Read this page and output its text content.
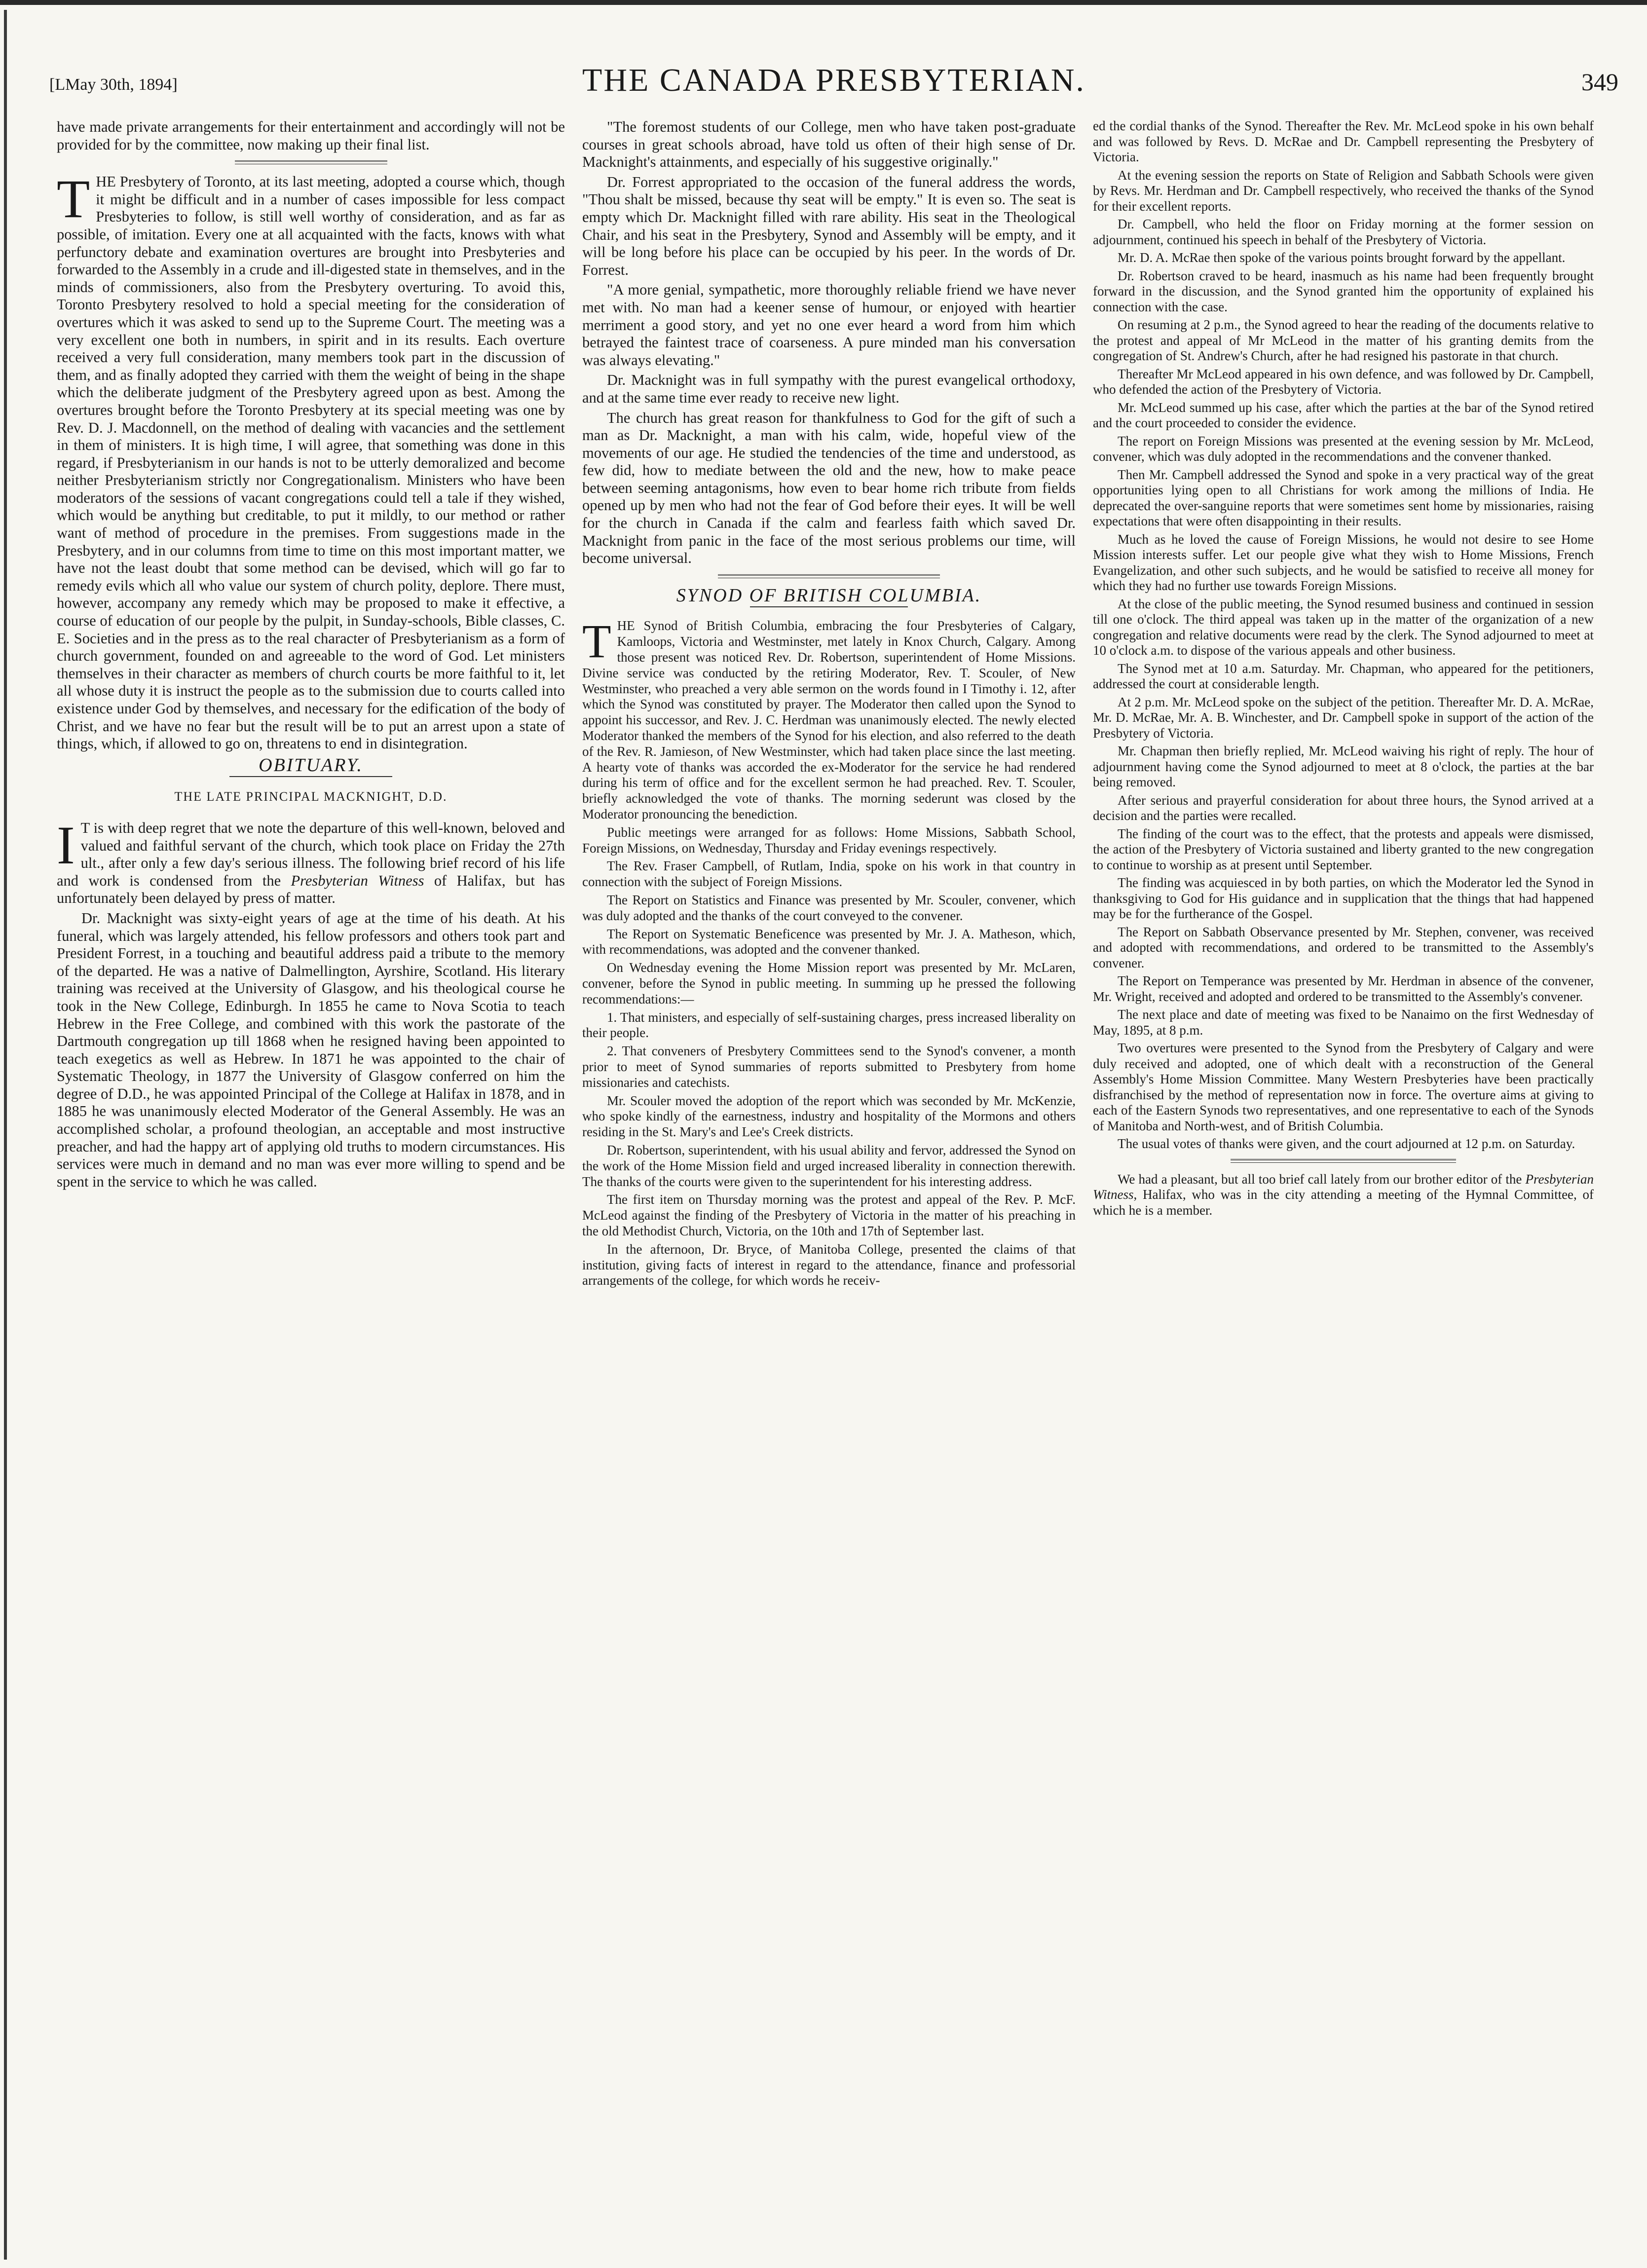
[LMay 30th, 1894]	THE CANADA PRESBYTERIAN.	349

have made private arrangements for their entertainment and accordingly will not be provided for by the committee, now making up their final list.

THE Presbytery of Toronto, at its last meeting, adopted a course which, though it might be difficult and in a number of cases impossible for less compact Presbyteries to follow, is still well worthy of consideration, and as far as possible, of imitation. Every one at all acquainted with the facts, knows with what perfunctory debate and examination overtures are brought into Presbyteries and forwarded to the Assembly in a crude and ill-digested state in themselves, and in the minds of commissioners, also from the Presbytery overturing. To avoid this, Toronto Presbytery resolved to hold a special meeting for the consideration of overtures which it was asked to send up to the Supreme Court. The meeting was a very excellent one both in numbers, in spirit and in its results. Each overture received a very full consideration, many members took part in the discussion of them, and as finally adopted they carried with them the weight of being in the shape which the deliberate judgment of the Presbytery agreed upon as best. Among the overtures brought before the Toronto Presbytery at its special meeting was one by Rev. D. J. Macdonnell, on the method of dealing with vacancies and the settlement in them of ministers. It is high time, I will agree, that something was done in this regard, if Presbyterianism in our hands is not to be utterly demoralized and become neither Presbyterianism strictly nor Congregationalism. Ministers who have been moderators of the sessions of vacant congregations could tell a tale if they wished, which would be anything but creditable, to put it mildly, to our method or rather want of method of procedure in the premises. From suggestions made in the Presbytery, and in our columns from time to time on this most important matter, we have not the least doubt that some method can be devised, which will go far to remedy evils which all who value our system of church polity, deplore. There must, however, accompany any remedy which may be proposed to make it effective, a course of education of our people by the pulpit, in Sunday-schools, Bible classes, C. E. Societies and in the press as to the real character of Presbyterianism as a form of church government, founded on and agreeable to the word of God. Let ministers themselves in their character as members of church courts be more faithful to it, let all whose duty it is instruct the people as to the submission due to courts called into existence under God by themselves, and necessary for the edification of the body of Christ, and we have no fear but the result will be to put an arrest upon a state of things, which, if allowed to go on, threatens to end in disintegration.

OBITUARY.
THE LATE PRINCIPAL MACKNIGHT, D.D.

I T is with deep regret that we note the departure of this well-known, beloved and valued and faithful servant of the church, which took place on Friday the 27th ult., after only a few day's serious illness. The following brief record of his life and work is condensed from the Presbyterian Witness of Halifax, but has unfortunately been delayed by press of matter.

Dr. Macknight was sixty-eight years of age at the time of his death. At his funeral, which was largely attended, his fellow professors and others took part and President Forrest, in a touching and beautiful address paid a tribute to the memory of the departed. He was a native of Dalmellington, Ayrshire, Scotland. His literary training was received at the University of Glasgow, and his theological course he took in the New College, Edinburgh. In 1855 he came to Nova Scotia to teach Hebrew in the Free College, and combined with this work the pastorate of the Dartmouth congregation up till 1868 when he resigned having been appointed to teach exegetics as well as Hebrew. In 1871 he was appointed to the chair of Systematic Theology, in 1877 the University of Glasgow conferred on him the degree of D.D., he was appointed Principal of the College at Halifax in 1878, and in 1885 he was unanimously elected Moderator of the General Assembly. He was an accomplished scholar, a profound theologian, an acceptable and most instructive preacher, and had the happy art of applying old truths to modern circumstances. His services were much in demand and no man was ever more willing to spend and be spent in the service to which he was called.

"The foremost students of our College, men who have taken post-graduate courses in great schools abroad, have told us often of their high sense of Dr. Macknight's attainments, and especially of his suggestive originally."

Dr. Forrest appropriated to the occasion of the funeral address the words, "Thou shalt be missed, because thy seat will be empty." It is even so. The seat is empty which Dr. Macknight filled with rare ability. His seat in the Theological Chair, and his seat in the Presbytery, Synod and Assembly will be empty, and it will be long before his place can be occupied by his peer. In the words of Dr. Forrest.

"A more genial, sympathetic, more thoroughly reliable friend we have never met with. No man had a keener sense of humour, or enjoyed with heartier merriment a good story, and yet no one ever heard a word from him which betrayed the faintest trace of coarseness. A pure minded man his conversation was always elevating."

Dr. Macknight was in full sympathy with the purest evangelical orthodoxy, and at the same time ever ready to receive new light.

The church has great reason for thankfulness to God for the gift of such a man as Dr. Macknight, a man with his calm, wide, hopeful view of the movements of our age. He studied the tendencies of the time and understood, as few did, how to mediate between the old and the new, how to make peace between seeming antagonisms, how even to bear home rich tribute from fields opened up by men who had not the fear of God before their eyes. It will be well for the church in Canada if the calm and fearless faith which saved Dr. Macknight from panic in the face of the most serious problems our time, will become universal.

SYNOD OF BRITISH COLUMBIA.

THE Synod of British Columbia, embracing the four Presbyteries of Calgary, Kamloops, Victoria and Westminster, met lately in Knox Church, Calgary. Among those present was noticed Rev. Dr. Robertson, superintendent of Home Missions. Divine service was conducted by the retiring Moderator, Rev. T. Scouler, of New Westminster, who preached a very able sermon on the words found in I Timothy i. 12, after which the Synod was constituted by prayer. The Moderator then called upon the Synod to appoint his successor, and Rev. J. C. Herdman was unanimously elected. The newly elected Moderator thanked the members of the Synod for his election, and also referred to the death of the Rev. R. Jamieson, of New Westminster, which had taken place since the last meeting. A hearty vote of thanks was accorded the ex-Moderator for the service he had rendered during his term of office and for the excellent sermon he had preached. Rev. T. Scouler, briefly acknowledged the vote of thanks. The morning sederunt was closed by the Moderator pronouncing the benediction.

Public meetings were arranged for as follows: Home Missions, Sabbath School, Foreign Missions, on Wednesday, Thursday and Friday evenings respectively.

The Rev. Fraser Campbell, of Rutlam, India, spoke on his work in that country in connection with the subject of Foreign Missions.

The Report on Statistics and Finance was presented by Mr. Scouler, convener, which was duly adopted and the thanks of the court conveyed to the convener.

The Report on Systematic Beneficence was presented by Mr. J. A. Matheson, which, with recommendations, was adopted and the convener thanked.

On Wednesday evening the Home Mission report was presented by Mr. McLaren, convener, before the Synod in public meeting. In summing up he pressed the following recommendations:—

1. That ministers, and especially of self-sustaining charges, press increased liberality on their people.

2. That conveners of Presbytery Committees send to the Synod's convener, a month prior to meet of Synod summaries of reports submitted to Presbytery from home missionaries and catechists.

Mr. Scouler moved the adoption of the report which was seconded by Mr. McKenzie, who spoke kindly of the earnestness, industry and hospitality of the Mormons and others residing in the St. Mary's and Lee's Creek districts.

Dr. Robertson, superintendent, with his usual ability and fervor, addressed the Synod on the work of the Home Mission field and urged increased liberality in connection therewith. The thanks of the courts were given to the superintendent for his interesting address.

The first item on Thursday morning was the protest and appeal of the Rev. P. McF. McLeod against the finding of the Presbytery of Victoria in the matter of his preaching in the old Methodist Church, Victoria, on the 10th and 17th of September last.

In the afternoon, Dr. Bryce, of Manitoba College, presented the claims of that institution, giving facts of interest in regard to the attendance, finance and professorial arrangements of the college, for which words he receiv-

ed the cordial thanks of the Synod. Thereafter the Rev. Mr. McLeod spoke in his own behalf and was followed by Revs. D. McRae and Dr. Campbell representing the Presbytery of Victoria.

At the evening session the reports on State of Religion and Sabbath Schools were given by Revs. Mr. Herdman and Dr. Campbell respectively, who received the thanks of the Synod for their excellent reports.

Dr. Campbell, who held the floor on Friday morning at the former session on adjournment, continued his speech in behalf of the Presbytery of Victoria.

Mr. D. A. McRae then spoke of the various points brought forward by the appellant.

Dr. Robertson craved to be heard, inasmuch as his name had been frequently brought forward in the discussion, and the Synod granted him the opportunity of explained his connection with the case.

On resuming at 2 p.m., the Synod agreed to hear the reading of the documents relative to the protest and appeal of Mr McLeod in the matter of his granting demits from the congregation of St. Andrew's Church, after he had resigned his pastorate in that church.

Thereafter Mr McLeod appeared in his own defence, and was followed by Dr. Campbell, who defended the action of the Presbytery of Victoria.

Mr. McLeod summed up his case, after which the parties at the bar of the Synod retired and the court proceeded to consider the evidence.

The report on Foreign Missions was presented at the evening session by Mr. McLeod, convener, which was duly adopted in the recommendations and the convener thanked.

Then Mr. Campbell addressed the Synod and spoke in a very practical way of the great opportunities lying open to all Christians for work among the millions of India. He deprecated the over-sanguine reports that were sometimes sent home by missionaries, raising expectations that were often disappointing in their results.

Much as he loved the cause of Foreign Missions, he would not desire to see Home Mission interests suffer. Let our people give what they wish to Home Missions, French Evangelization, and other such subjects, and he would be satisfied to receive all money for which they had no further use towards Foreign Missions.

At the close of the public meeting, the Synod resumed business and continued in session till one o'clock. The third appeal was taken up in the matter of the organization of a new congregation and relative documents were read by the clerk. The Synod adjourned to meet at 10 o'clock a.m. to dispose of the various appeals and other business.

The Synod met at 10 a.m. Saturday. Mr. Chapman, who appeared for the petitioners, addressed the court at considerable length.

At 2 p.m. Mr. McLeod spoke on the subject of the petition. Thereafter Mr. D. A. McRae, Mr. D. McRae, Mr. A. B. Winchester, and Dr. Campbell spoke in support of the action of the Presbytery of Victoria.

Mr. Chapman then briefly replied, Mr. McLeod waiving his right of reply. The hour of adjournment having come the Synod adjourned to meet at 8 o'clock, the parties at the bar being removed.

After serious and prayerful consideration for about three hours, the Synod arrived at a decision and the parties were recalled.

The finding of the court was to the effect, that the protests and appeals were dismissed, the action of the Presbytery of Victoria sustained and liberty granted to the new congregation to continue to worship as at present until September.

The finding was acquiesced in by both parties, on which the Moderator led the Synod in thanksgiving to God for His guidance and in supplication that the things that had happened may be for the furtherance of the Gospel.

The Report on Sabbath Observance presented by Mr. Stephen, convener, was received and adopted with recommendations, and ordered to be transmitted to the Assembly's convener.

The Report on Temperance was presented by Mr. Herdman in absence of the convener, Mr. Wright, received and adopted and ordered to be transmitted to the Assembly's convener.

The next place and date of meeting was fixed to be Nanaimo on the first Wednesday of May, 1895, at 8 p.m.

Two overtures were presented to the Synod from the Presbytery of Calgary and were duly received and adopted, one of which dealt with a reconstruction of the General Assembly's Home Mission Committee. Many Western Presbyteries have been practically disfranchised by the method of representation now in force. The overture aims at giving to each of the Eastern Synods two representatives, and one representative to each of the Synods of Manitoba and North-west, and of British Columbia.

The usual votes of thanks were given, and the court adjourned at 12 p.m. on Saturday.

We had a pleasant, but all too brief call lately from our brother editor of the Presbyterian Witness, Halifax, who was in the city attending a meeting of the Hymnal Committee, of which he is a member.
